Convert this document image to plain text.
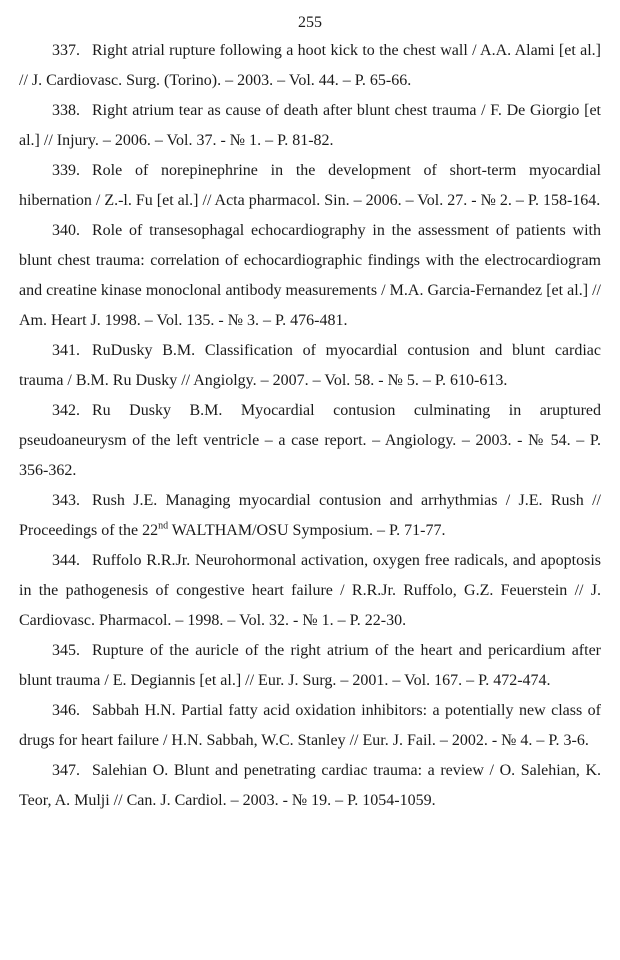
255

337. Right atrial rupture following a hoot kick to the chest wall / A.A. Alami [et al.] // J. Cardiovasc. Surg. (Torino). – 2003. – Vol. 44. – P. 65-66.

338. Right atrium tear as cause of death after blunt chest trauma / F. De Giorgio [et al.] // Injury. – 2006. – Vol. 37. - № 1. – P. 81-82.

339. Role of norepinephrine in the development of short-term myocardial hibernation / Z.-l. Fu [et al.] // Acta pharmacol. Sin. – 2006. – Vol. 27. - № 2. – P. 158-164.

340. Role of transesophagal echocardiography in the assessment of patients with blunt chest trauma: correlation of echocardiographic findings with the electrocardiogram and creatine kinase monoclonal antibody measurements / M.A. Garcia-Fernandez [et al.] // Am. Heart J. 1998. – Vol. 135. - № 3. – P. 476-481.

341. RuDusky B.M. Classification of myocardial contusion and blunt cardiac trauma / B.M. Ru Dusky // Angiolgy. – 2007. – Vol. 58. - № 5. – P. 610-613.

342. Ru Dusky B.M. Myocardial contusion culminating in aruptured pseudoaneurysm of the left ventricle – a case report. – Angiology. – 2003. - № 54. – P. 356-362.

343. Rush J.E. Managing myocardial contusion and arrhythmias / J.E. Rush // Proceedings of the 22nd WALTHAM/OSU Symposium. – P. 71-77.

344. Ruffolo R.R.Jr. Neurohormonal activation, oxygen free radicals, and apoptosis in the pathogenesis of congestive heart failure / R.R.Jr. Ruffolo, G.Z. Feuerstein // J. Cardiovasc. Pharmacol. – 1998. – Vol. 32. - № 1. – P. 22-30.

345. Rupture of the auricle of the right atrium of the heart and pericardium after blunt trauma / E. Degiannis [et al.] // Eur. J. Surg. – 2001. – Vol. 167. – P. 472-474.

346. Sabbah H.N. Partial fatty acid oxidation inhibitors: a potentially new class of drugs for heart failure / H.N. Sabbah, W.C. Stanley // Eur. J. Fail. – 2002. - № 4. – P. 3-6.

347. Salehian O. Blunt and penetrating cardiac trauma: a review / O. Salehian, K. Teor, A. Mulji // Can. J. Cardiol. – 2003. - № 19. – P. 1054-1059.
